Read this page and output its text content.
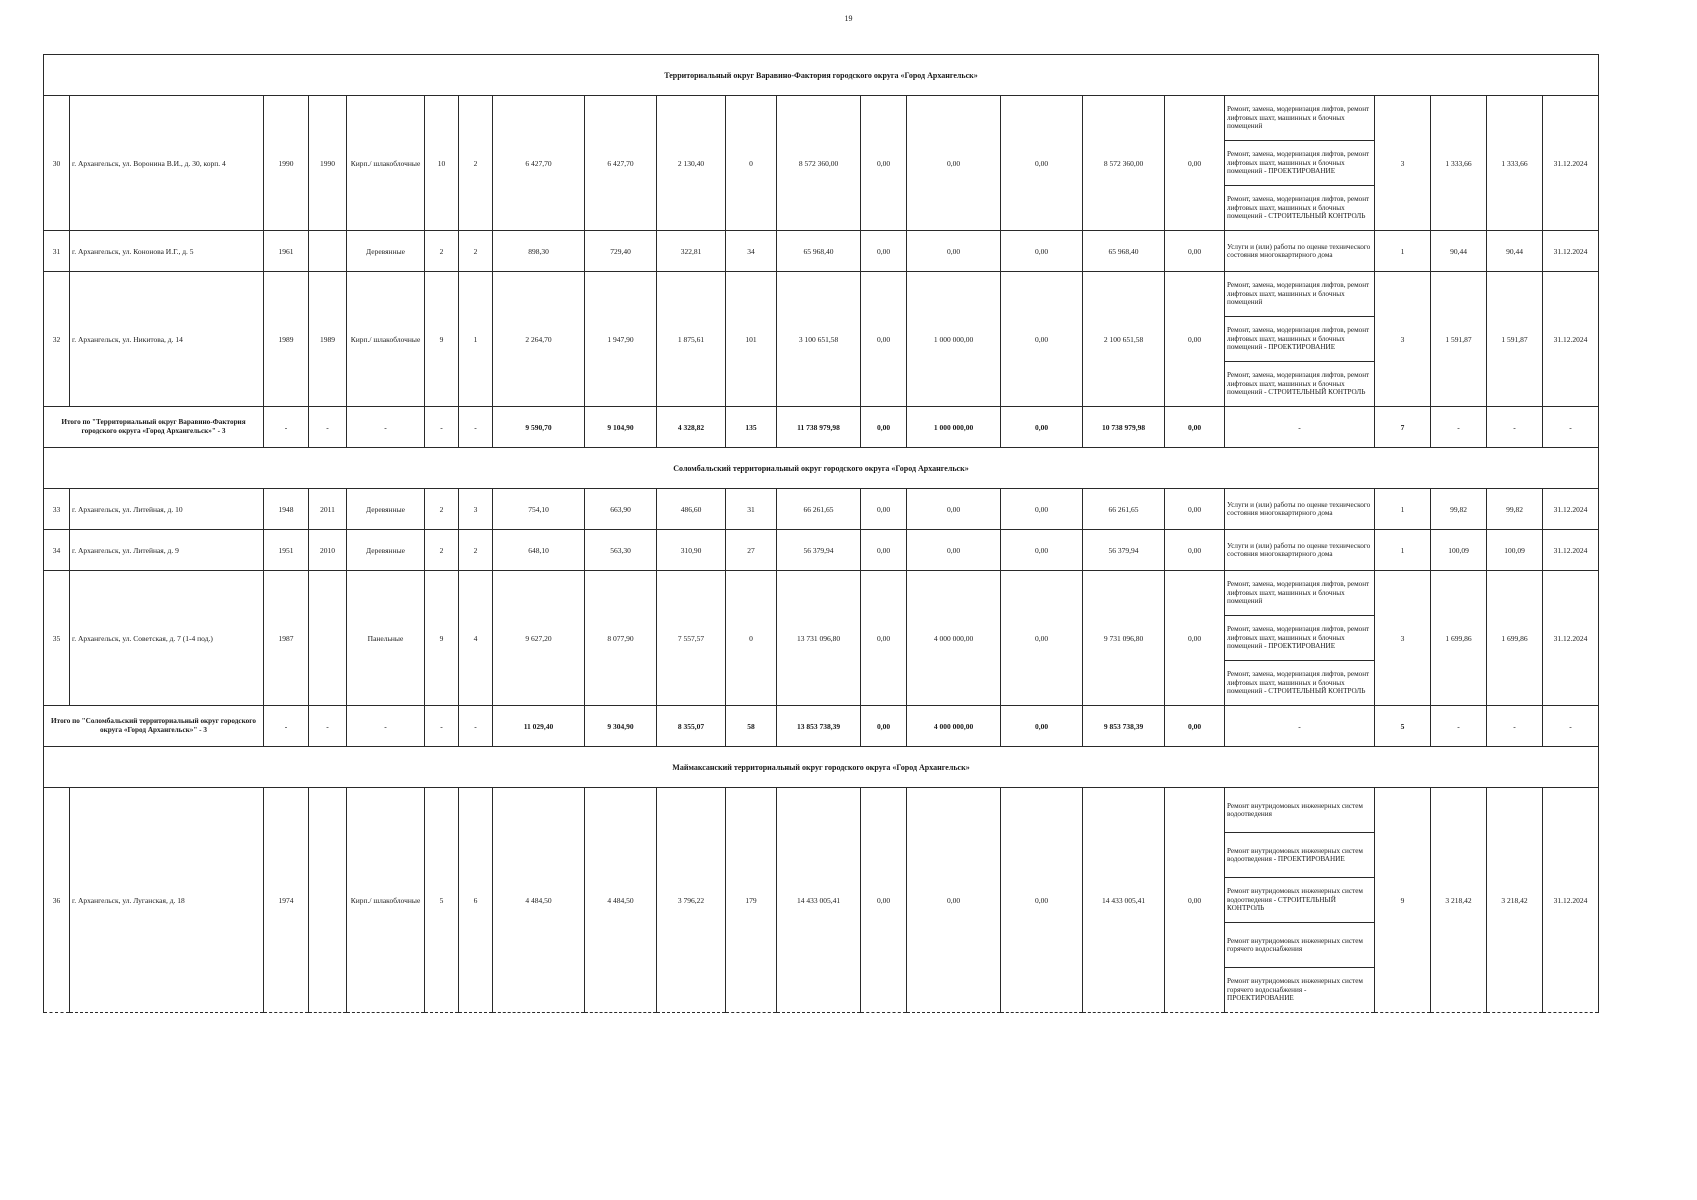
19
Территориальный округ Варавино-Фактория городского округа «Город Архангельск»																					
30	г. Архангельск, ул. Воронина В.И., д. 30, корп. 4	1990	1990	Кирп./ шлакоблочные	10	2	6 427,70	6 427,70	2 130,40	0	8 572 360,00	0,00	0,00	0,00	8 572 360,00	0,00	Ремонт, замена, модернизация лифтов, ремонт лифтовых шахт, машинных и блочных помещений	3	1 333,66	1 333,66	31.12.2024
																	Ремонт, замена, модернизация лифтов, ремонт лифтовых шахт, машинных и блочных помещений - ПРОЕКТИРОВАНИЕ				
																	Ремонт, замена, модернизация лифтов, ремонт лифтовых шахт, машинных и блочных помещений - СТРОИТЕЛЬНЫЙ КОНТРОЛЬ				
31	г. Архангельск, ул. Кононова И.Г., д. 5	1961		Деревянные	2	2	898,30	729,40	322,81	34	65 968,40	0,00	0,00	0,00	65 968,40	0,00	Услуги и (или) работы по оценке технического состояния многоквартирного дома	1	90,44	90,44	31.12.2024
32	г. Архангельск, ул. Никитова, д. 14	1989	1989	Кирп./ шлакоблочные	9	1	2 264,70	1 947,90	1 875,61	101	3 100 651,58	0,00	1 000 000,00	0,00	2 100 651,58	0,00	Ремонт, замена, модернизация лифтов, ремонт лифтовых шахт, машинных и блочных помещений	3	1 591,87	1 591,87	31.12.2024
																	Ремонт, замена, модернизация лифтов, ремонт лифтовых шахт, машинных и блочных помещений - ПРОЕКТИРОВАНИЕ				
																	Ремонт, замена, модернизация лифтов, ремонт лифтовых шахт, машинных и блочных помещений - СТРОИТЕЛЬНЫЙ КОНТРОЛЬ				
Итого по "Территориальный округ Варавино-Фактория городского округа «Город Архангельск»" - 3		-	-	-	-	-	9 590,70	9 104,90	4 328,82	135	11 738 979,98	0,00	1 000 000,00	0,00	10 738 979,98	0,00	-	7	-	-	-
Соломбальский территориальный округ городского округа «Город Архангельск»																					
33	г. Архангельск, ул. Литейная, д. 10	1948	2011	Деревянные	2	3	754,10	663,90	486,60	31	66 261,65	0,00	0,00	0,00	66 261,65	0,00	Услуги и (или) работы по оценке технического состояния многоквартирного дома	1	99,82	99,82	31.12.2024
34	г. Архангельск, ул. Литейная, д. 9	1951	2010	Деревянные	2	2	648,10	563,30	310,90	27	56 379,94	0,00	0,00	0,00	56 379,94	0,00	Услуги и (или) работы по оценке технического состояния многоквартирного дома	1	100,09	100,09	31.12.2024
35	г. Архангельск, ул. Советская, д. 7 (1-4 под.)	1987		Панельные	9	4	9 627,20	8 077,90	7 557,57	0	13 731 096,80	0,00	4 000 000,00	0,00	9 731 096,80	0,00	Ремонт, замена, модернизация лифтов, ремонт лифтовых шахт, машинных и блочных помещений	3	1 699,86	1 699,86	31.12.2024
																	Ремонт, замена, модернизация лифтов, ремонт лифтовых шахт, машинных и блочных помещений - ПРОЕКТИРОВАНИЕ				
																	Ремонт, замена, модернизация лифтов, ремонт лифтовых шахт, машинных и блочных помещений - СТРОИТЕЛЬНЫЙ КОНТРОЛЬ				
Итого по "Соломбальский территориальный округ городского округа «Город Архангельск»" - 3		-	-	-	-	-	11 029,40	9 304,90	8 355,07	58	13 853 738,39	0,00	4 000 000,00	0,00	9 853 738,39	0,00	-	5	-	-	-
Маймаксанский территориальный округ городского округа «Город Архангельск»																					
36	г. Архангельск, ул. Луганская, д. 18	1974		Кирп./ шлакоблочные	5	6	4 484,50	4 484,50	3 796,22	179	14 433 005,41	0,00	0,00	0,00	14 433 005,41	0,00	Ремонт внутридомовых инженерных систем водоотведения	9	3 218,42	3 218,42	31.12.2024
																	Ремонт внутридомовых инженерных систем водоотведения - ПРОЕКТИРОВАНИЕ				
																	Ремонт внутридомовых инженерных систем водоотведения - СТРОИТЕЛЬНЫЙ КОНТРОЛЬ				
																	Ремонт внутридомовых инженерных систем горячего водоснабжения				
																	Ремонт внутридомовых инженерных систем горячего водоснабжения - ПРОЕКТИРОВАНИЕ				
